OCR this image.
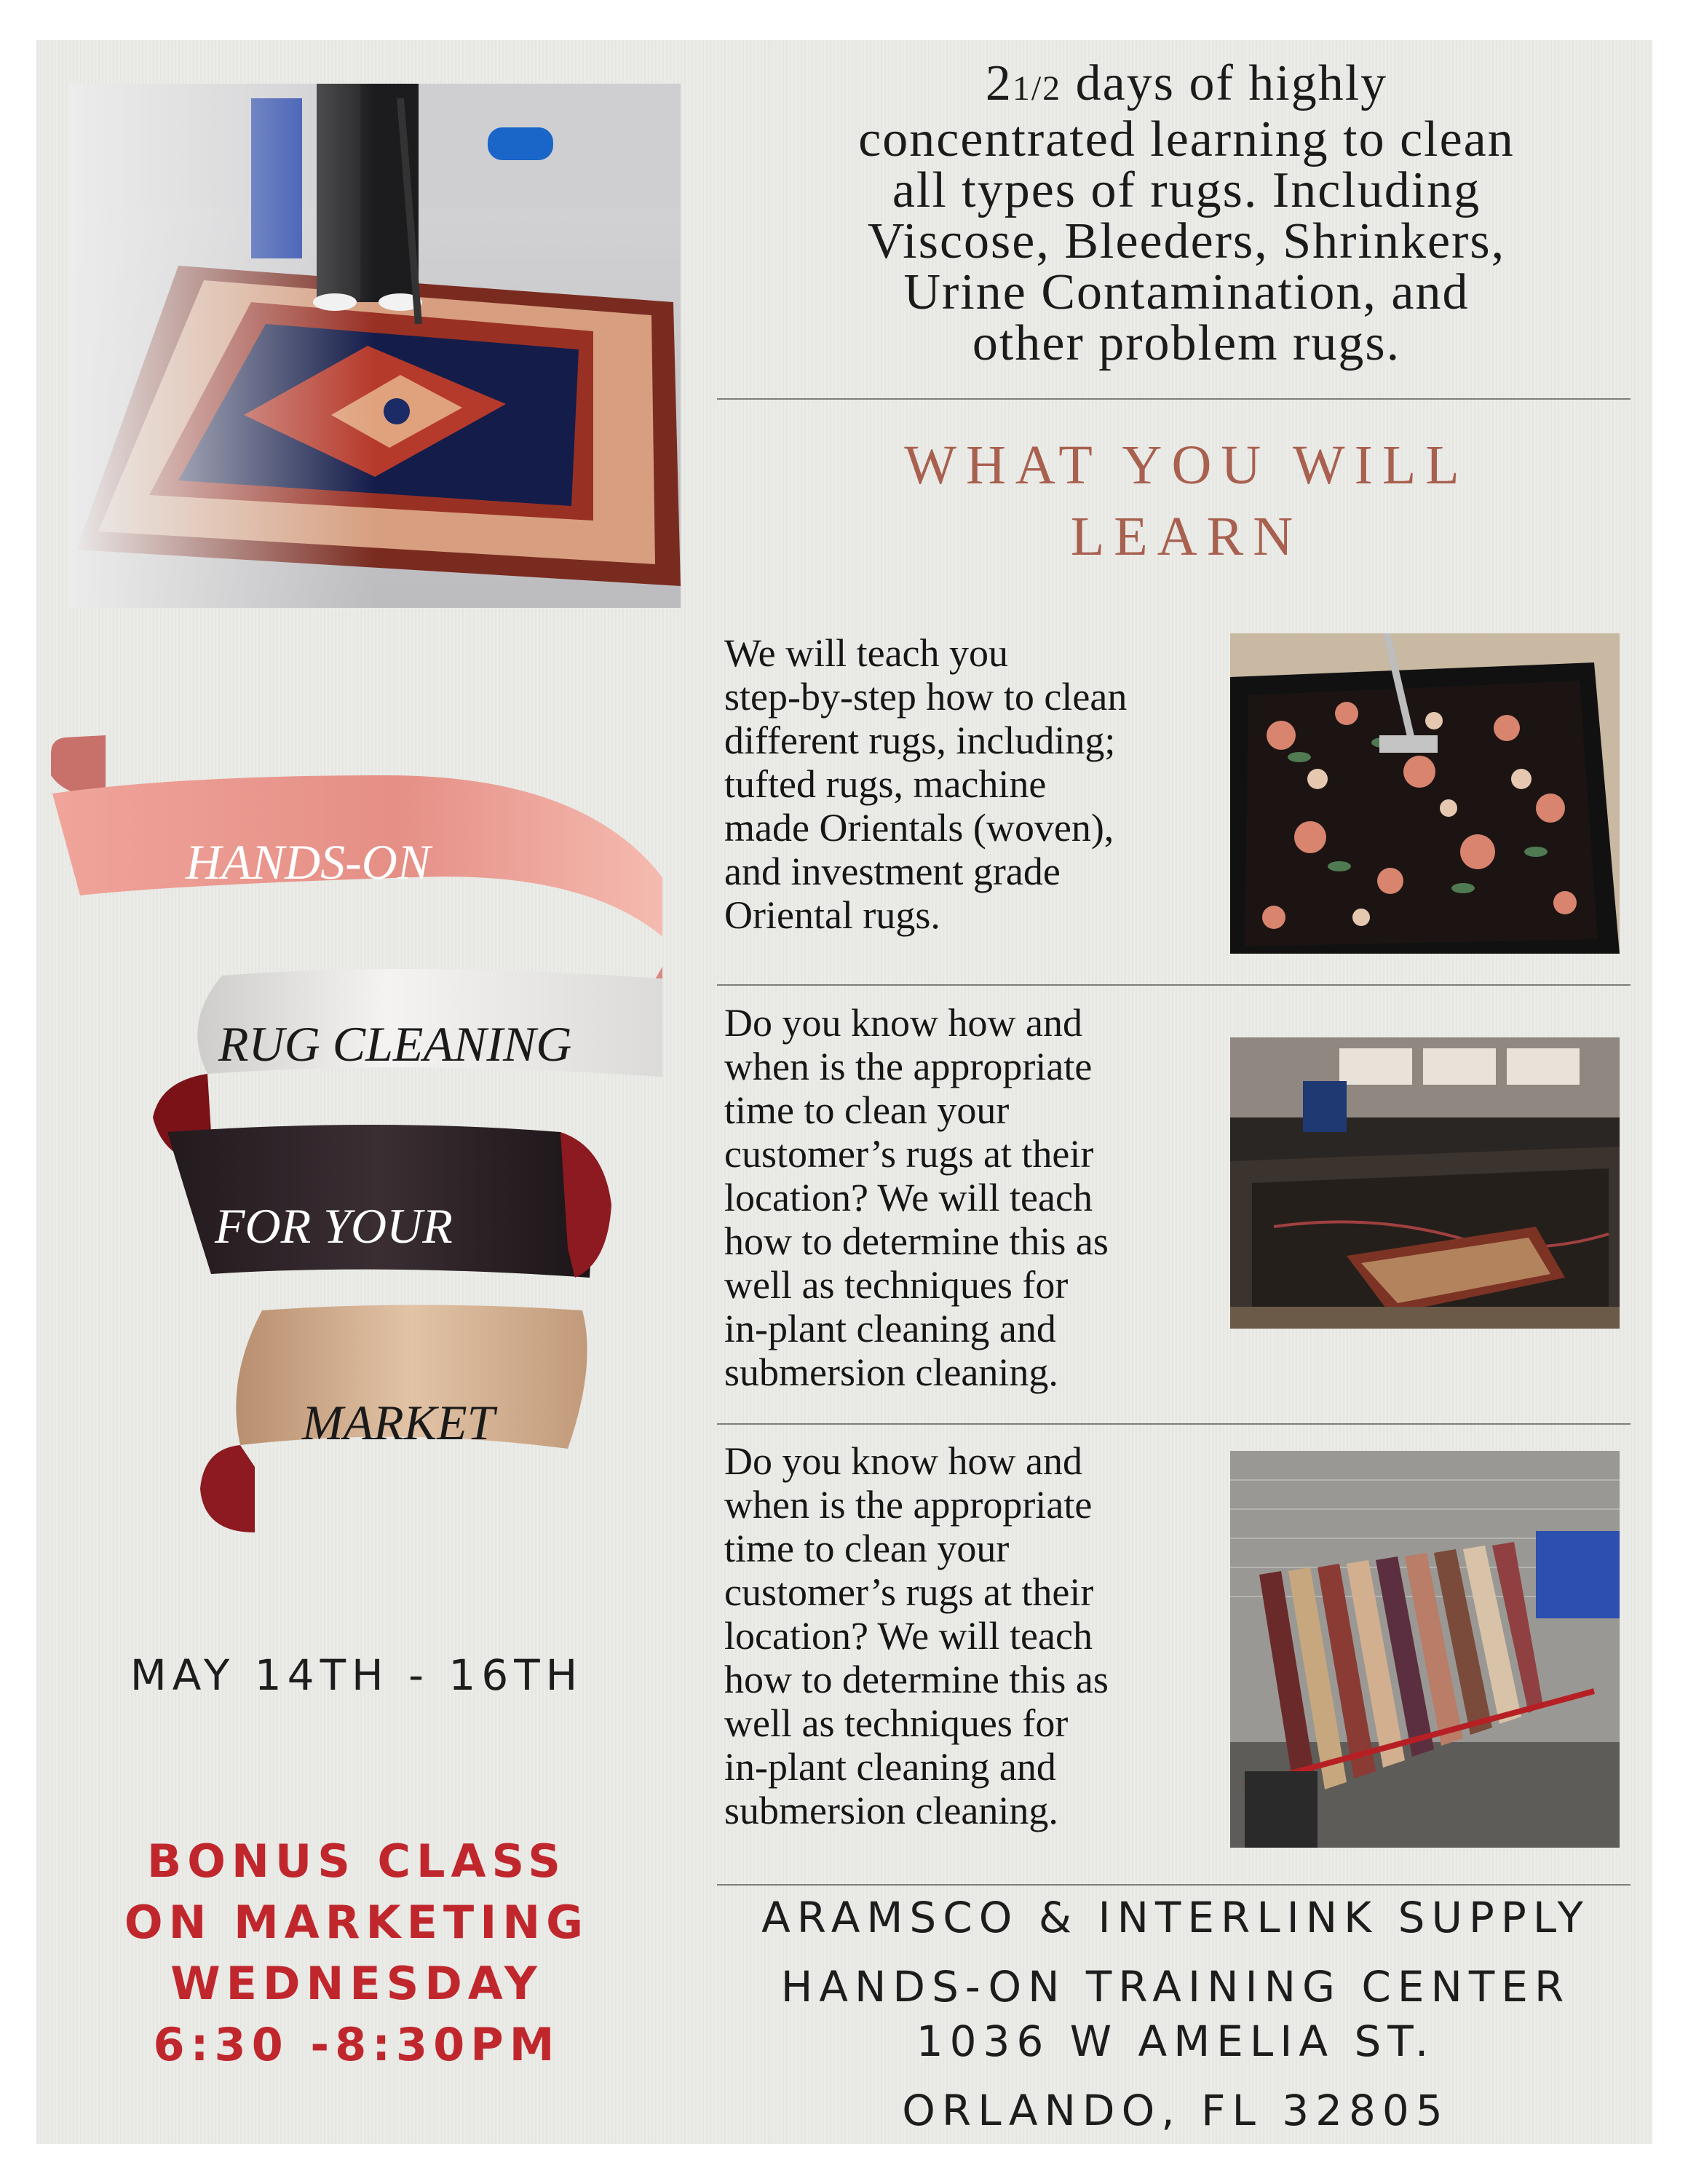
21/2 days of highly
concentrated learning to clean
all types of rugs. Including
Viscose, Bleeders, Shrinkers,
Urine Contamination, and
other problem rugs.
WHAT YOU WILL
LEARN
HANDS-ON
RUG CLEANING
FOR YOUR
MARKET
MAY 14TH - 16TH
BONUS CLASS
ON MARKETING
WEDNESDAY
6:30 -8:30PM
We will teach you
step-by-step how to clean
different rugs, including;
tufted rugs, machine
made Orientals (woven),
and investment grade
Oriental rugs.
Do you know how and
when is the appropriate
time to clean your
customer’s rugs at their
location? We will teach
how to determine this as
well as techniques for
in-plant cleaning and
submersion cleaning.
Do you know how and
when is the appropriate
time to clean your
customer’s rugs at their
location? We will teach
how to determine this as
well as techniques for
in-plant cleaning and
submersion cleaning.
ARAMSCO & INTERLINK SUPPLY
HANDS-ON TRAINING CENTER
1036 W AMELIA ST.
ORLANDO, FL 32805
